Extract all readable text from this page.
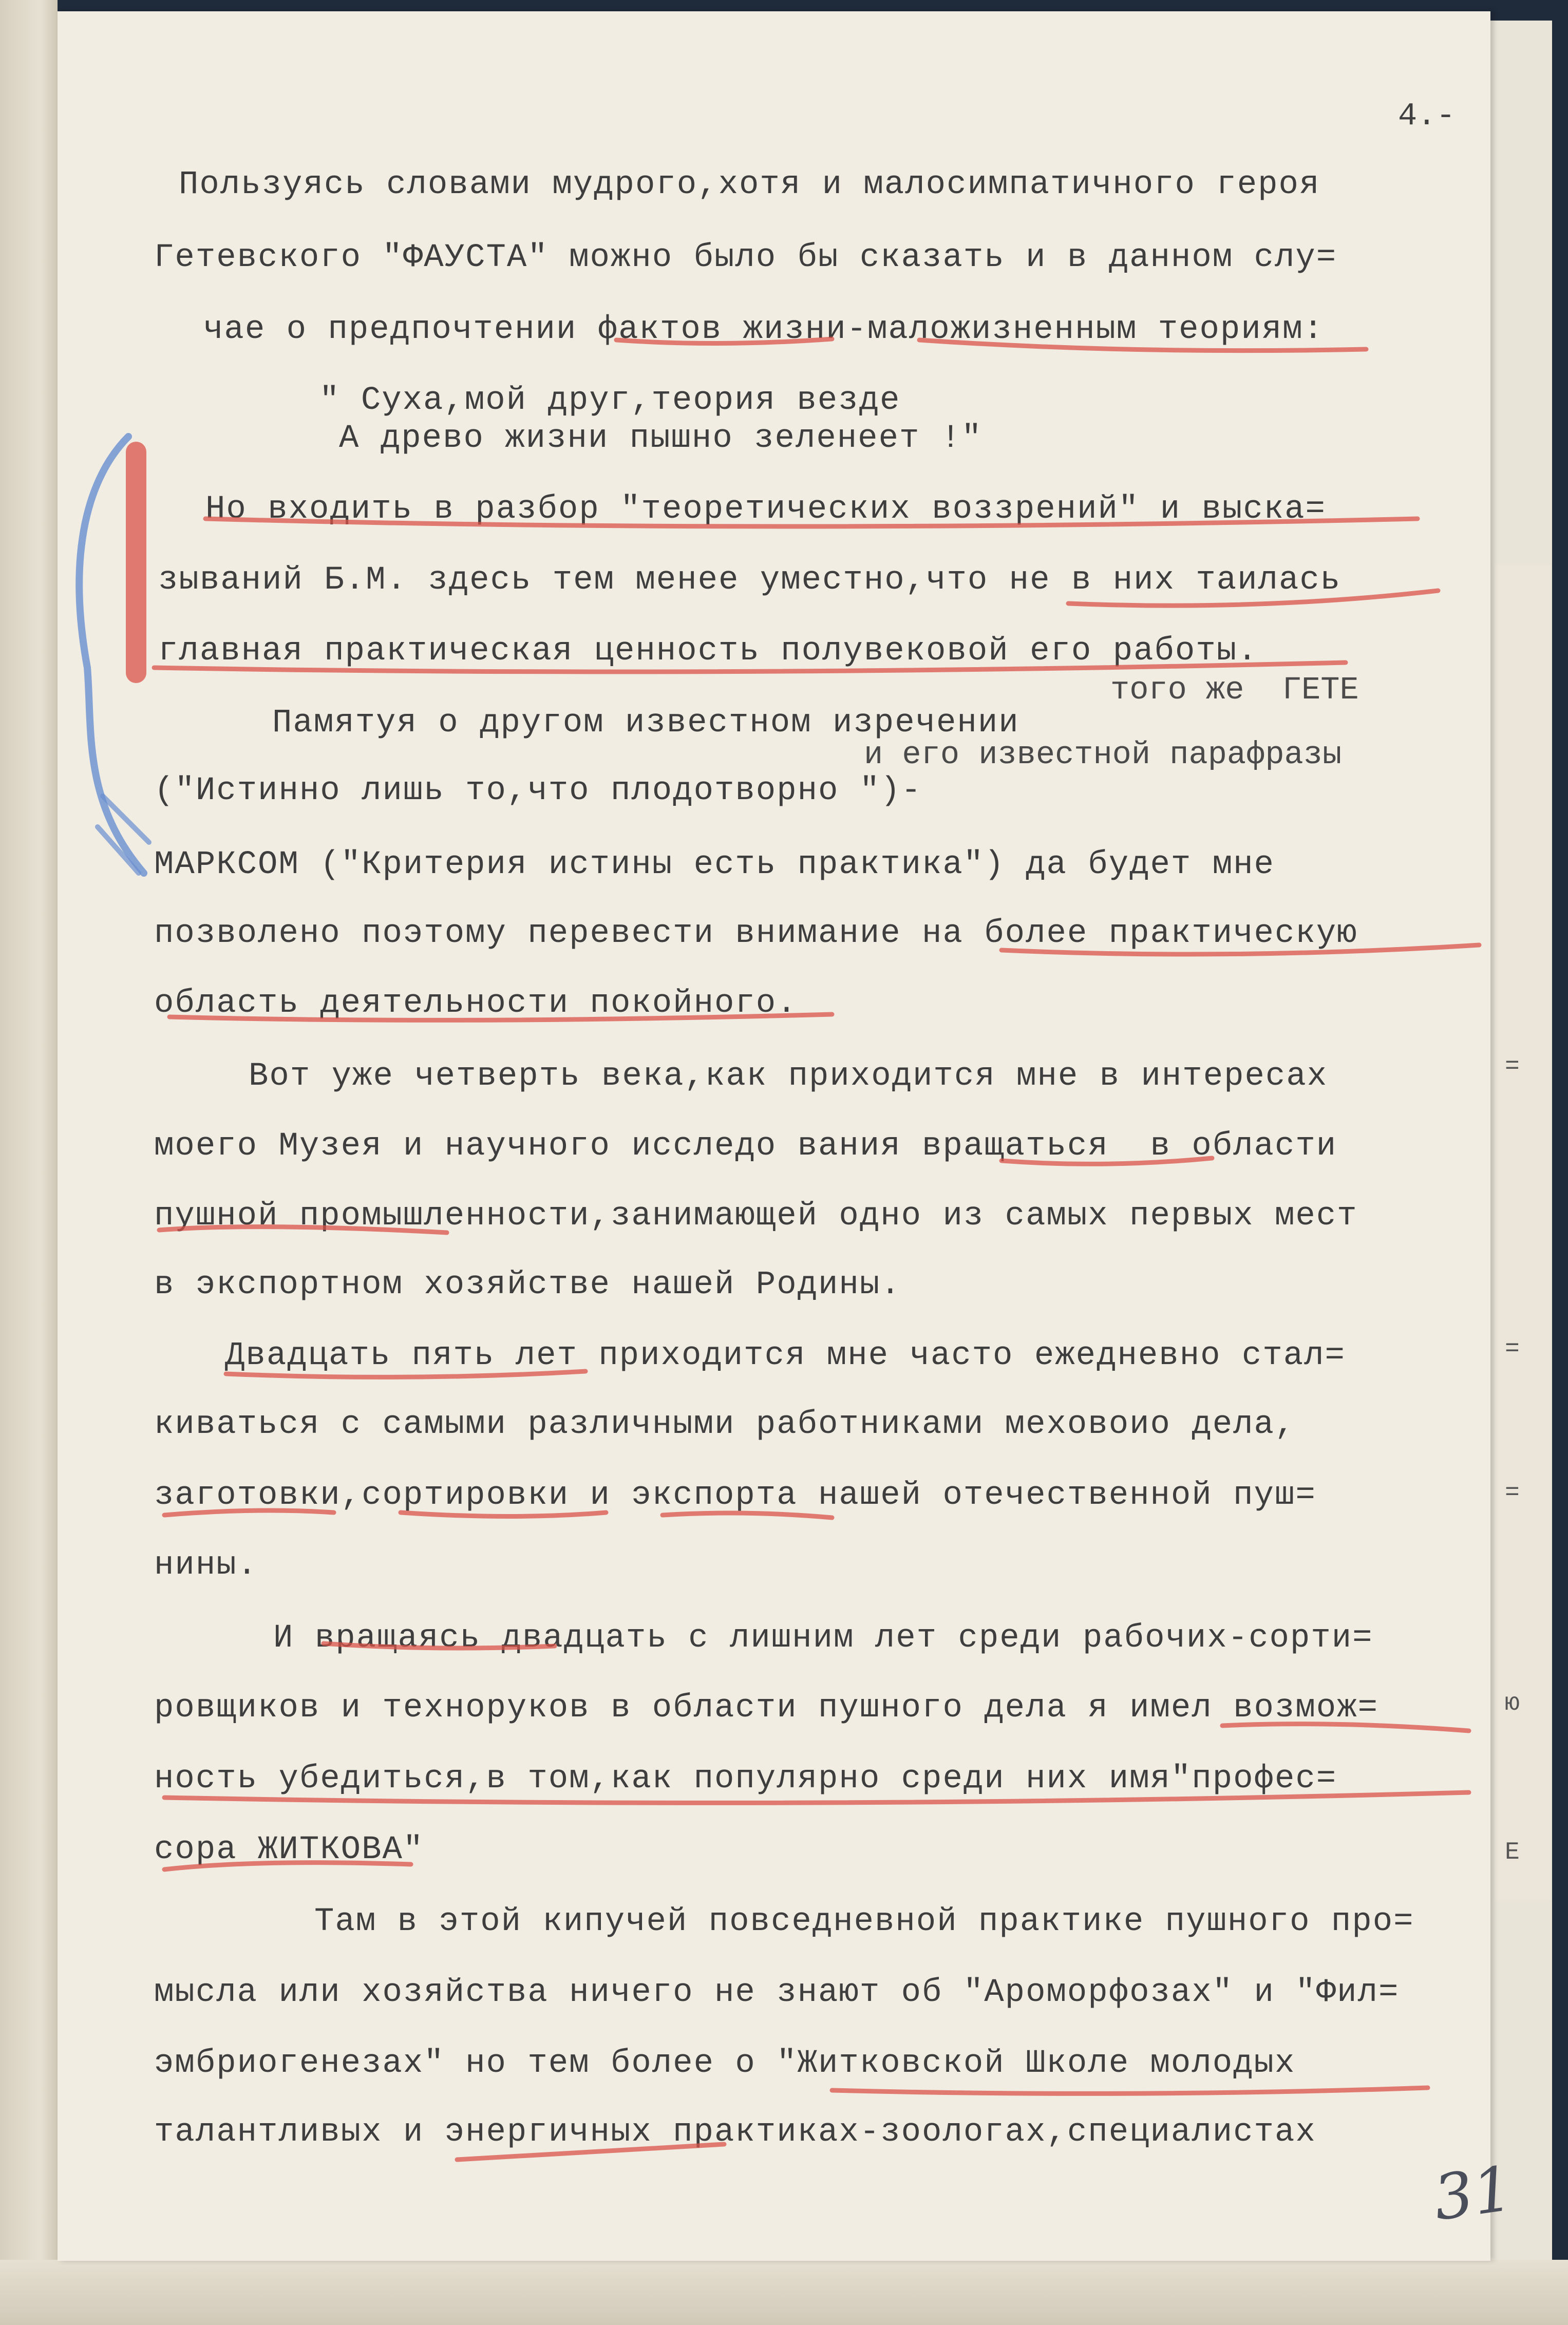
4.-
Пользуясь словами мудрого,хотя и малосимпатичного героя
Гетевского "ФАУСТА" можно было бы сказать и в данном слу=
чае о предпочтении фактов жизни-маложизненным теориям:
" Суха,мой друг,теория везде
А древо жизни пышно зеленеет !"
Но входить в разбор "теоретических воззрений" и выска=
зываний Б.М. здесь тем менее уместно,что не в них таилась
главная практическая ценность полувековой его работы.
того же  ГЕТЕ
Памятуя о другом известном изречении
и его известной парафразы
("Истинно лишь то,что плодотворно ")-
МАРКСОМ ("Критерия истины есть практика") да будет мне
позволено поэтому перевести внимание на более практическую
область деятельности покойного.
Вот уже четверть века,как приходится мне в интересах
моего Музея и научного исследо вания вращаться  в области
пушной промышленности,занимающей одно из самых первых мест
в экспортном хозяйстве нашей Родины.
Двадцать пять лет приходится мне часто ежедневно стал=
киваться с самыми различными работниками меховоио дела,
заготовки,сортировки и экспорта нашей отечественной пуш=
нины.
И вращаясь двадцать с лишним лет среди рабочих-сорти=
ровщиков и техноруков в области пушного дела я имел возмож=
ность убедиться,в том,как популярно среди них имя"профес=
сора ЖИТКОВА"
Там в этой кипучей повседневной практике пушного про=
мысла или хозяйства ничего не знают об "Ароморфозах" и "Фил=
эмбриогенезах" но тем более о "Житковской Школе молодых
талантливых и энергичных практиках-зоологах,специалистах
31
=
=
=
ю
Е
